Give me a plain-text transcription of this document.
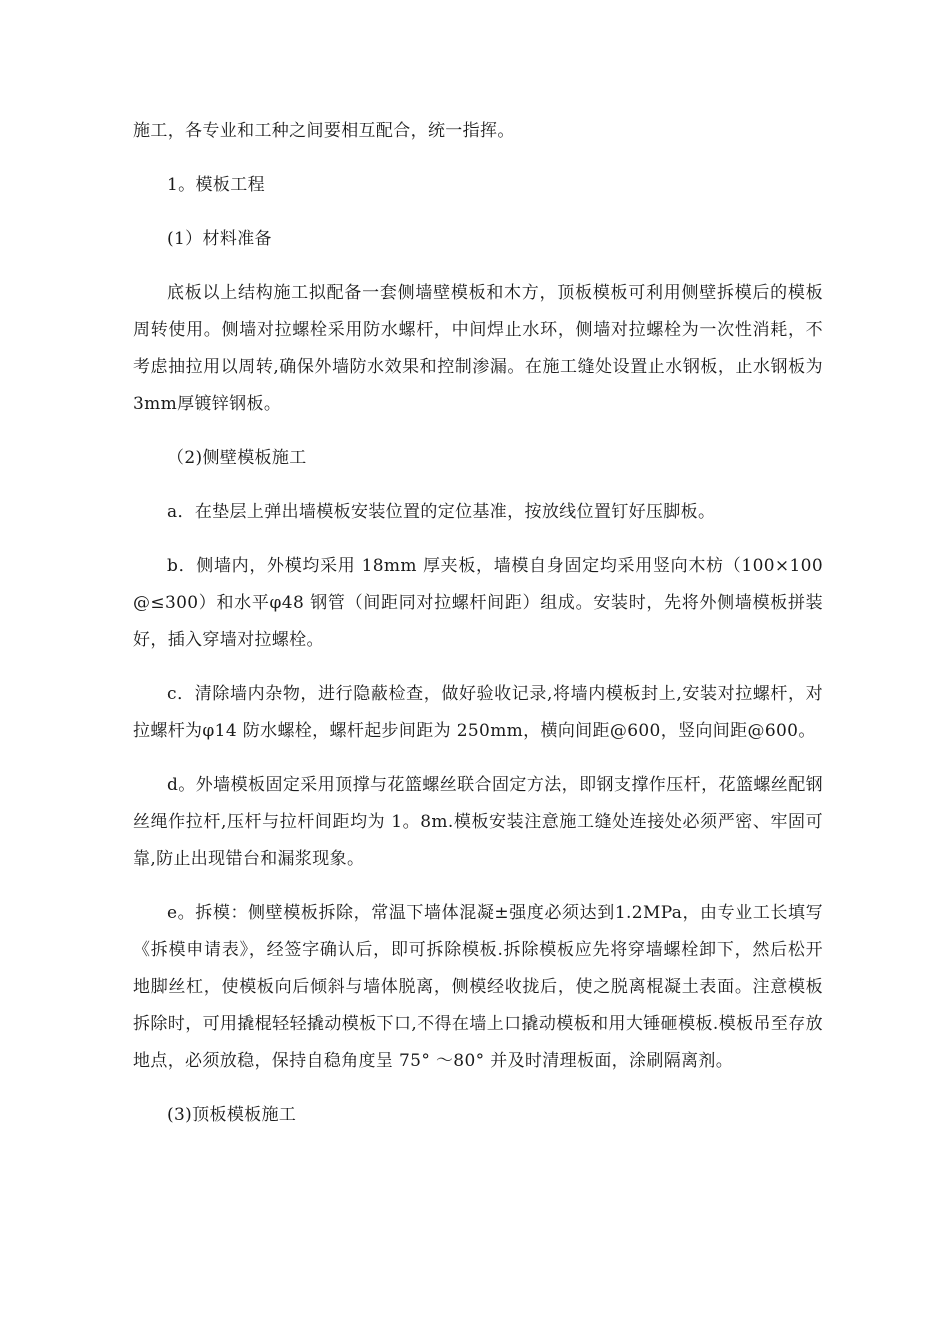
施工，各专业和工种之间要相互配合，统一指挥。

1。模板工程

(1）材料准备

底板以上结构施工拟配备一套侧墙壁模板和木方，顶板模板可利用侧壁拆模后的模板周转使用。侧墙对拉螺栓采用防水螺杆，中间焊止水环，侧墙对拉螺栓为一次性消耗，不考虑抽拉用以周转,确保外墙防水效果和控制渗漏。在施工缝处设置止水钢板，止水钢板为3mm厚镀锌钢板。

（2)侧壁模板施工

a．在垫层上弹出墙模板安装位置的定位基准，按放线位置钉好压脚板。

b．侧墙内，外模均采用 18mm 厚夹板，墙模自身固定均采用竖向木枋（100×100@≤300）和水平φ48 钢管（间距同对拉螺杆间距）组成。安装时，先将外侧墙模板拼装好，插入穿墙对拉螺栓。

c．清除墙内杂物，进行隐蔽检查，做好验收记录,将墙内模板封上,安装对拉螺杆，对拉螺杆为φ14 防水螺栓，螺杆起步间距为 250mm，横向间距@600，竖向间距@600。

d。外墙模板固定采用顶撑与花篮螺丝联合固定方法，即钢支撑作压杆，花篮螺丝配钢丝绳作拉杆,压杆与拉杆间距均为 1。8m.模板安装注意施工缝处连接处必须严密、牢固可靠,防止出现错台和漏浆现象。

e。拆模：侧壁模板拆除，常温下墙体混凝±强度必须达到1.2MPa，由专业工长填写《拆模申请表》，经签字确认后，即可拆除模板.拆除模板应先将穿墙螺栓卸下，然后松开地脚丝杠，使模板向后倾斜与墙体脱离，侧模经收拢后，使之脱离棍凝土表面。注意模板拆除时，可用撬棍轻轻撬动模板下口,不得在墙上口撬动模板和用大锤砸模板.模板吊至存放地点，必须放稳，保持自稳角度呈 75° ～80° 并及时清理板面，涂刷隔离剂。

(3)顶板模板施工
